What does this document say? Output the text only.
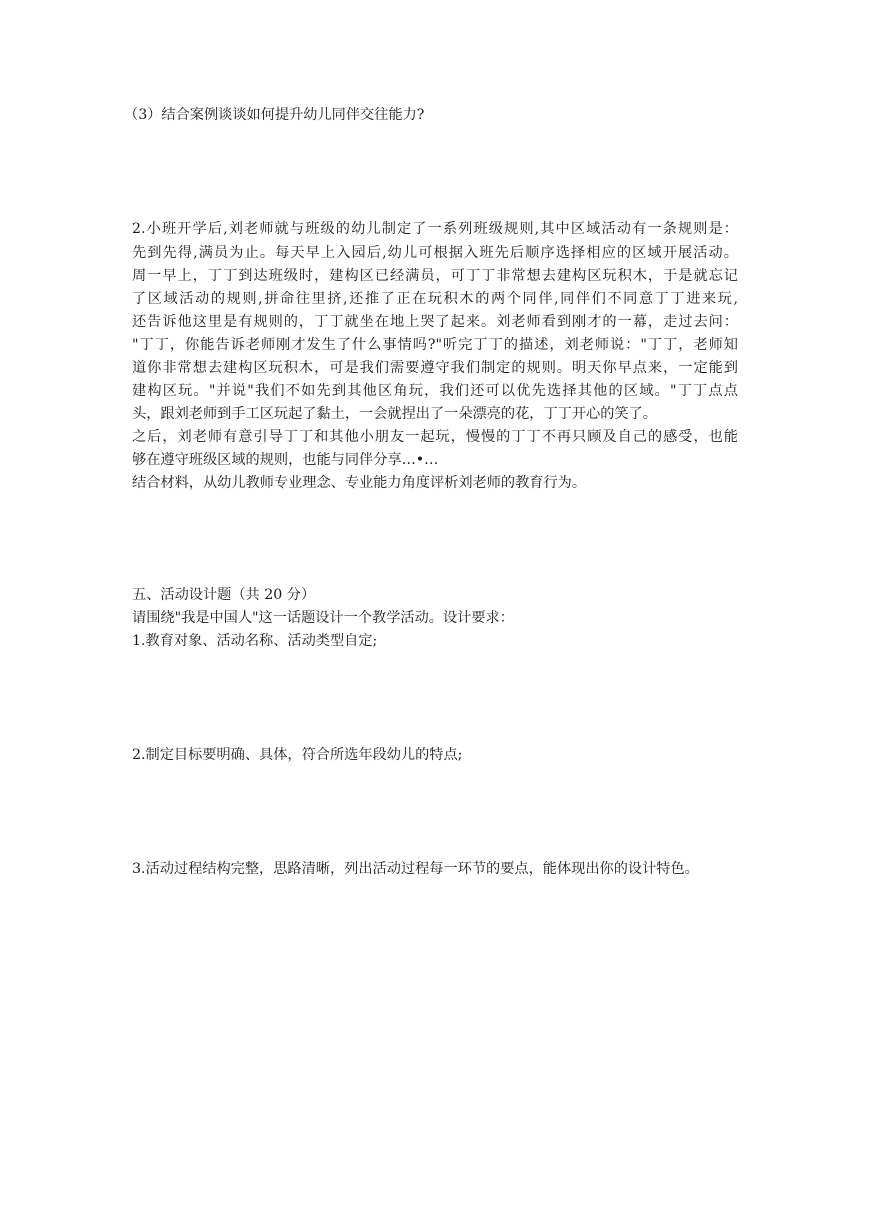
（3）结合案例谈谈如何提升幼儿同伴交往能力?
2.小班开学后,刘老师就与班级的幼儿制定了一系列班级规则,其中区域活动有一条规则是：
先到先得,满员为止。每天早上入园后,幼儿可根据入班先后顺序选择相应的区域开展活动。
周一早上，丁丁到达班级时，建构区已经满员，可丁丁非常想去建构区玩积木，于是就忘记
了区域活动的规则,拼命往里挤,还推了正在玩积木的两个同伴,同伴们不同意丁丁进来玩,
还告诉他这里是有规则的，丁丁就坐在地上哭了起来。刘老师看到刚才的一幕，走过去问：
"丁丁，你能告诉老师刚才发生了什么事情吗?"听完丁丁的描述，刘老师说："丁丁，老师知
道你非常想去建构区玩积木，可是我们需要遵守我们制定的规则。明天你早点来，一定能到
建构区玩。"并说"我们不如先到其他区角玩，我们还可以优先选择其他的区域。"丁丁点点
头，跟刘老师到手工区玩起了黏土，一会就捏出了一朵漂亮的花，丁丁开心的笑了。
之后，刘老师有意引导丁丁和其他小朋友一起玩，慢慢的丁丁不再只顾及自己的感受，也能
够在遵守班级区域的规则，也能与同伴分享…•…
结合材料，从幼儿教师专业理念、专业能力角度评析刘老师的教育行为。
五、活动设计题（共 20 分）
请围绕"我是中国人"这一话题设计一个教学活动。设计要求：
1.教育对象、活动名称、活动类型自定;
2.制定目标要明确、具体，符合所选年段幼儿的特点;
3.活动过程结构完整，思路清晰，列出活动过程每一环节的要点，能体现出你的设计特色。
